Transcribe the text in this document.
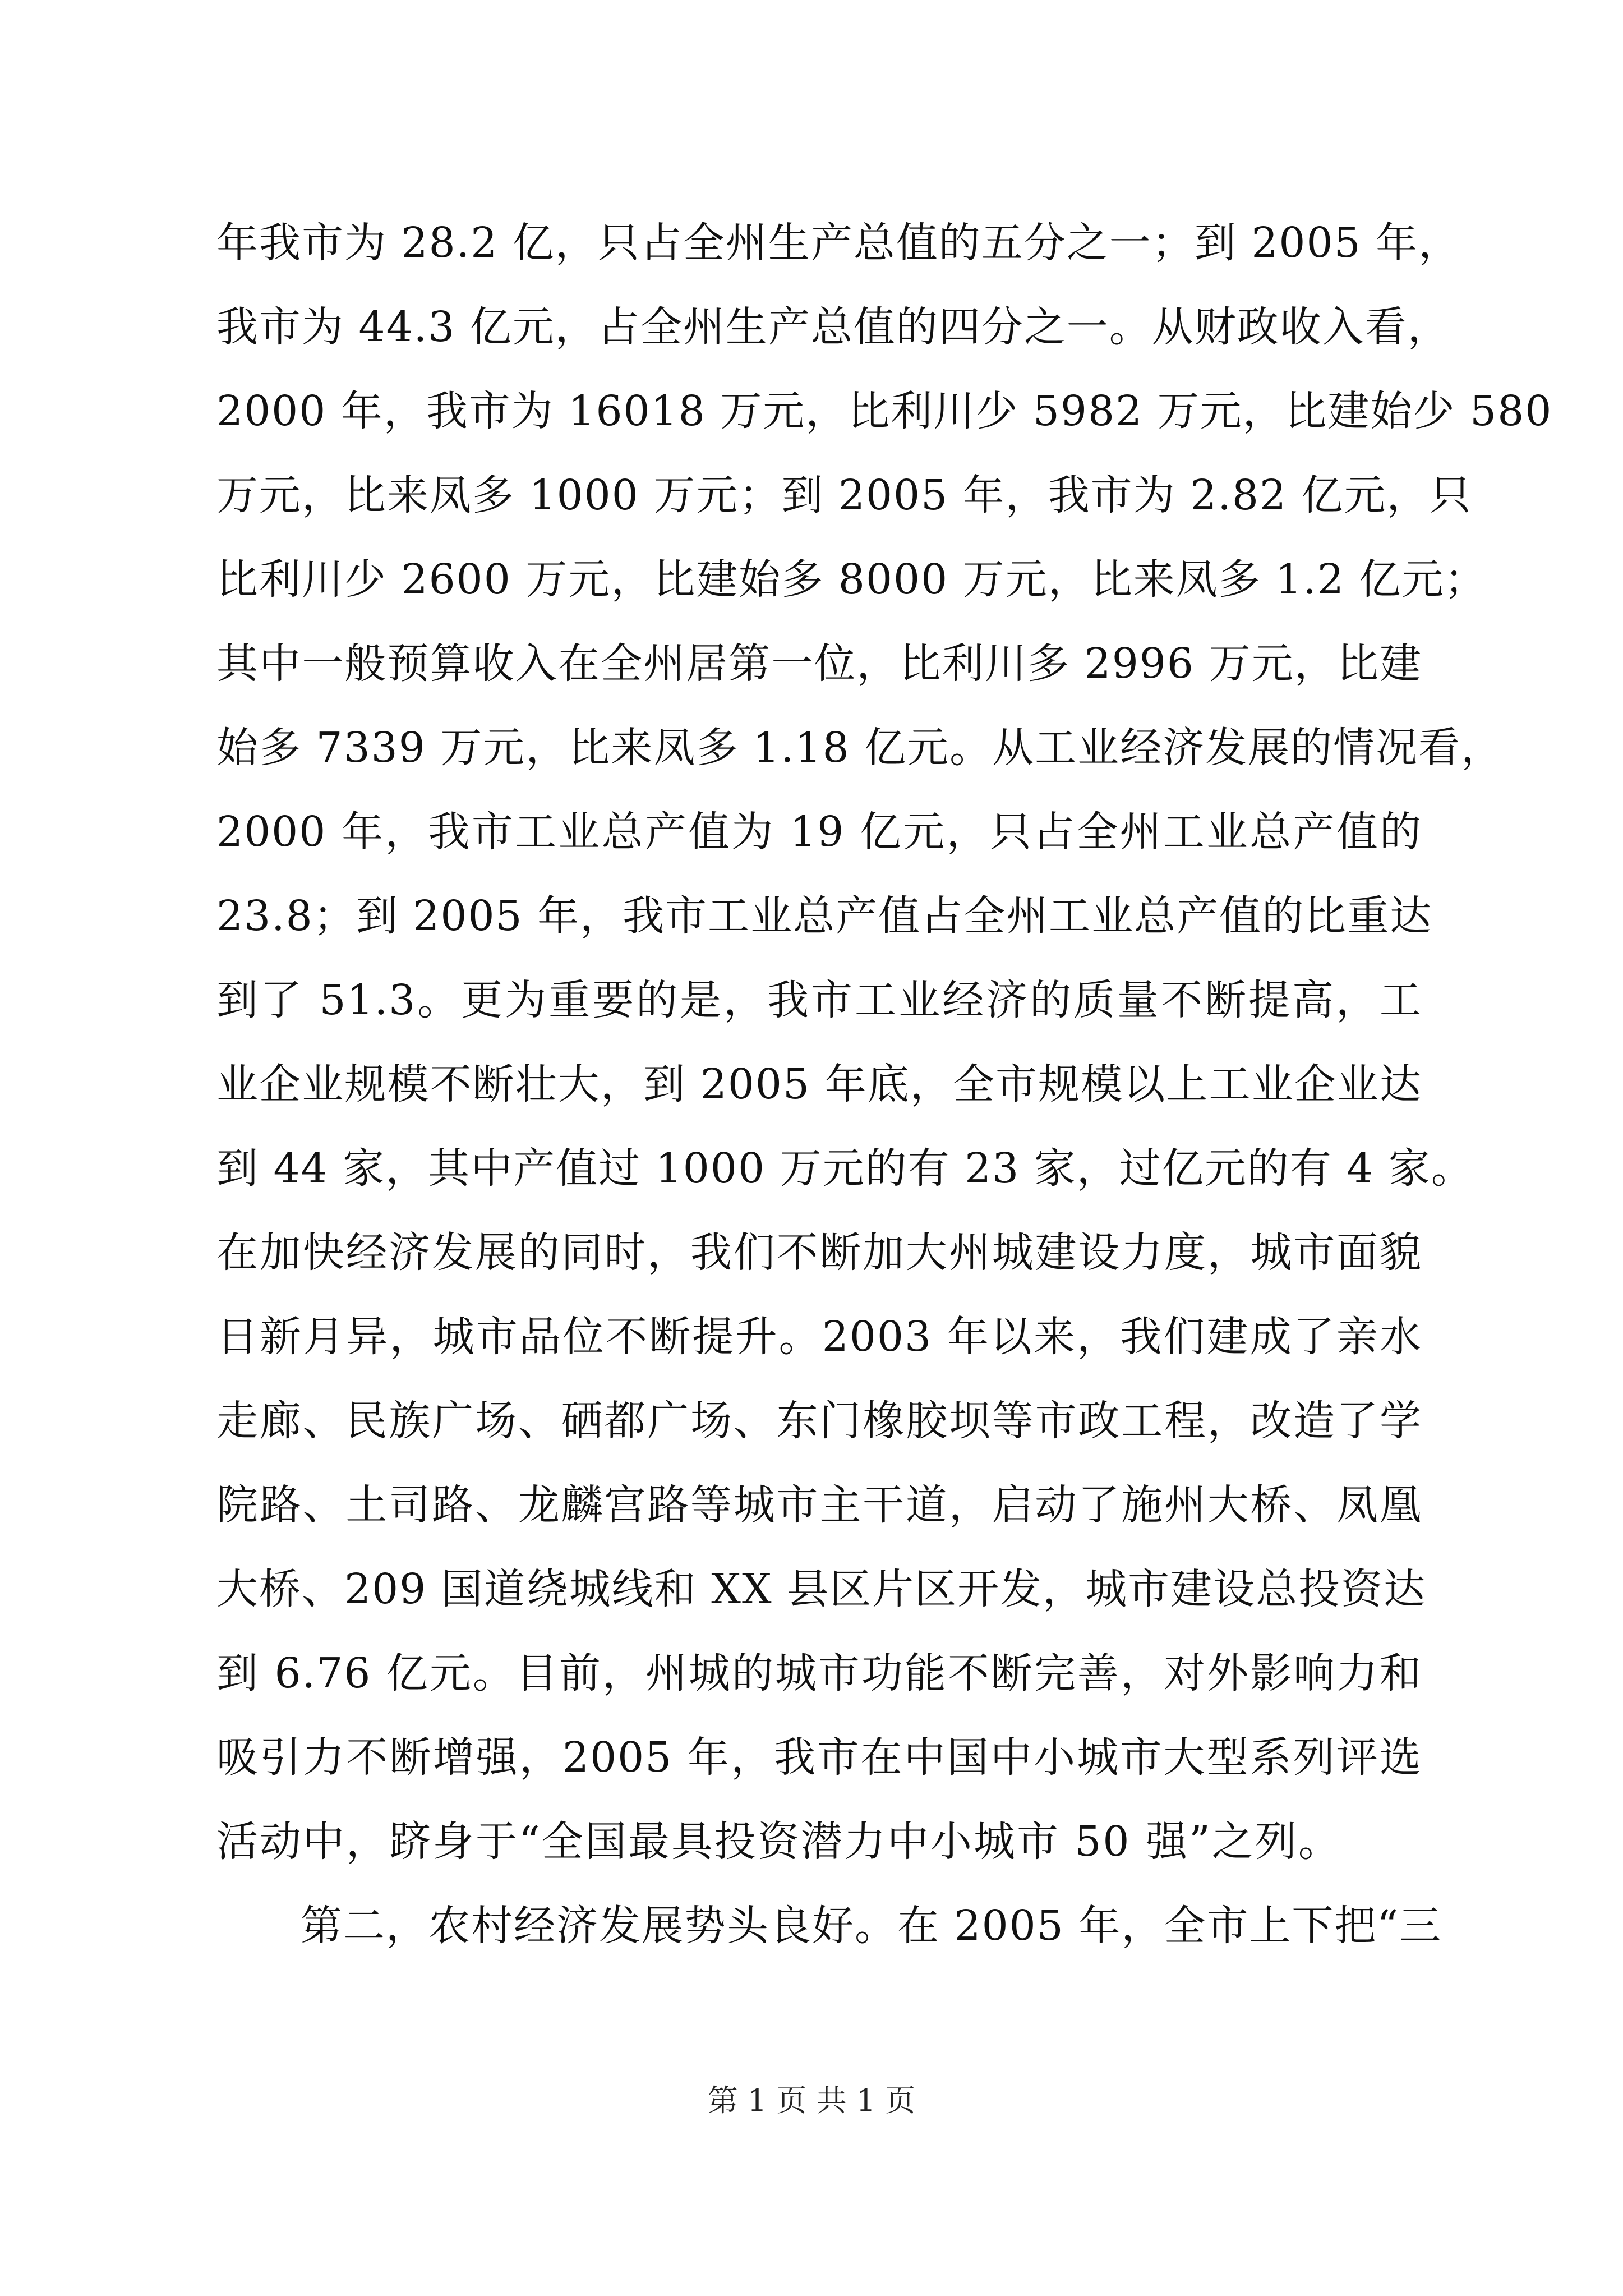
年我市为 28.2 亿，只占全州生产总值的五分之一；到 2005 年，
我市为 44.3 亿元，占全州生产总值的四分之一。从财政收入看，
2000 年，我市为 16018 万元，比利川少 5982 万元，比建始少 580
万元，比来凤多 1000 万元；到 2005 年，我市为 2.82 亿元，只
比利川少 2600 万元，比建始多 8000 万元，比来凤多 1.2 亿元；
其中一般预算收入在全州居第一位，比利川多 2996 万元，比建
始多 7339 万元，比来凤多 1.18 亿元。从工业经济发展的情况看，
2000 年，我市工业总产值为 19 亿元，只占全州工业总产值的
23.8；到 2005 年，我市工业总产值占全州工业总产值的比重达
到了 51.3。更为重要的是，我市工业经济的质量不断提高，工
业企业规模不断壮大，到 2005 年底，全市规模以上工业企业达
到 44 家，其中产值过 1000 万元的有 23 家，过亿元的有 4 家。
在加快经济发展的同时，我们不断加大州城建设力度，城市面貌
日新月异，城市品位不断提升。2003 年以来，我们建成了亲水
走廊、民族广场、硒都广场、东门橡胶坝等市政工程，改造了学
院路、土司路、龙麟宫路等城市主干道，启动了施州大桥、凤凰
大桥、209 国道绕城线和 XX 县区片区开发，城市建设总投资达
到 6.76 亿元。目前，州城的城市功能不断完善，对外影响力和
吸引力不断增强，2005 年，我市在中国中小城市大型系列评选
活动中，跻身于“全国最具投资潜力中小城市 50 强”之列。
第二，农村经济发展势头良好。在 2005 年，全市上下把“三
第 1 页 共 1 页
